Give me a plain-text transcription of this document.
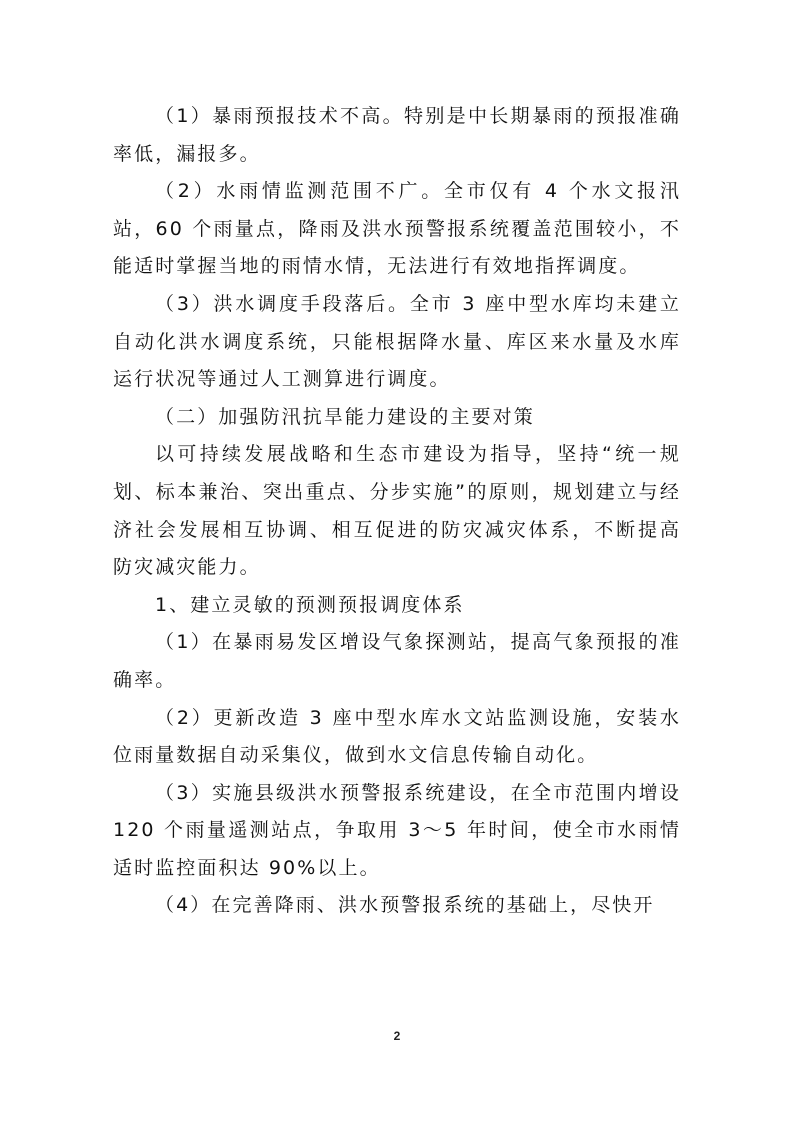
（1）暴雨预报技术不高。特别是中长期暴雨的预报准确率低，漏报多。

（2）水雨情监测范围不广。全市仅有 4 个水文报汛站，60 个雨量点，降雨及洪水预警报系统覆盖范围较小，不能适时掌握当地的雨情水情，无法进行有效地指挥调度。

（3）洪水调度手段落后。全市 3 座中型水库均未建立自动化洪水调度系统，只能根据降水量、库区来水量及水库运行状况等通过人工测算进行调度。

（二）加强防汛抗旱能力建设的主要对策

以可持续发展战略和生态市建设为指导，坚持“统一规划、标本兼治、突出重点、分步实施”的原则，规划建立与经济社会发展相互协调、相互促进的防灾减灾体系，不断提高防灾减灾能力。

1、建立灵敏的预测预报调度体系

（1）在暴雨易发区增设气象探测站，提高气象预报的准确率。

（2）更新改造 3 座中型水库水文站监测设施，安装水位雨量数据自动采集仪，做到水文信息传输自动化。

（3）实施县级洪水预警报系统建设，在全市范围内增设 120 个雨量遥测站点，争取用 3～5 年时间，使全市水雨情适时监控面积达 90%以上。

（4）在完善降雨、洪水预警报系统的基础上，尽快开

2
